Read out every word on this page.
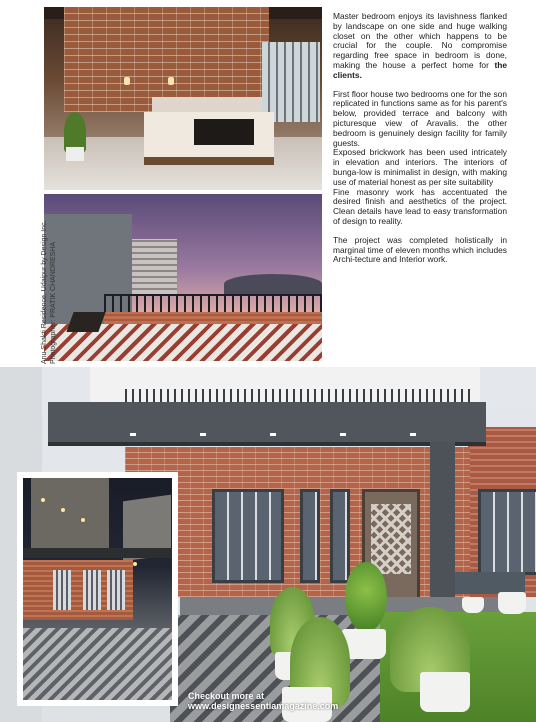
Anu Shakti Residence, Udaipur by Design Inc. Photographer: PRATIK CHANDRESHA

Master bedroom enjoys its lavishness flanked by landscape on one side and huge walking closet on the other which happens to be crucial for the couple. No compromise regarding free space in bedroom is done, making the house a perfect home for the clients.

First floor house two bedrooms one for the son replicated in functions same as for his parent's below, provided terrace and balcony with picturesque view of Aravalis. the other bedroom is genuinely design facility for family guests.

Exposed brickwork has been used intricately in elevation and interiors. The interiors of bunga-low is minimalist in design, with making use of material honest as per site suitability

Fine masonry work has accentuated the desired finish and aesthetics of the project. Clean details have lead to easy transformation of design to reality.

The project was completed holistically in marginal time of eleven months which includes Archi-tecture and Interior work.

Checkout more at
www.designessentiamagazine.com
